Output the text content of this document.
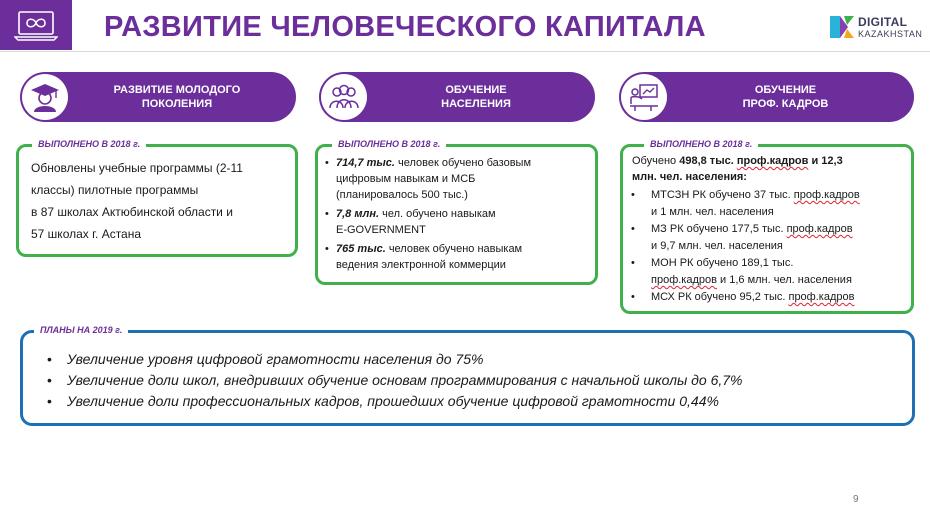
РАЗВИТИЕ ЧЕЛОВЕЧЕСКОГО КАПИТАЛА	DIGITAL
KAZAKHSTAN
РАЗВИТИЕ МОЛОДОГО
ПОКОЛЕНИЯ
ОБУЧЕНИЕ
НАСЕЛЕНИЯ
ОБУЧЕНИЕ
ПРОФ. КАДРОВ
ВЫПОЛНЕНО В 2018 г.	ВЫПОЛНЕНО В 2018 г.	ВЫПОЛНЕНО В 2018 г.
Обновлены учебные программы (2-11
классы) пилотные программы
в 87 школах Актюбинской области и
57 школах г. Астана
• 714,7 тыс. человек обучено базовым
цифровым навыкам и МСБ
(планировалось 500 тыс.)
• 7,8 млн. чел. обучено навыкам
E-GOVERNMENT
• 765 тыс. человек обучено навыкам
ведения электронной коммерции
Обучено 498,8 тыс. проф.кадров и 12,3
млн. чел. населения:
• МТСЗН РК обучено 37 тыс. проф.кадров
и 1 млн. чел. населения
• МЗ РК обучено 177,5 тыс. проф.кадров
и 9,7 млн. чел. населения
• МОН РК обучено 189,1 тыс.
проф.кадров и 1,6 млн. чел. населения
• МСХ РК обучено 95,2 тыс. проф.кадров
ПЛАНЫ НА 2019 г.
• Увеличение уровня цифровой грамотности населения до 75%
• Увеличение доли школ, внедривших обучение основам программирования с начальной школы до 6,7%
• Увеличение доли профессиональных кадров, прошедших обучение цифровой грамотности 0,44%
9
